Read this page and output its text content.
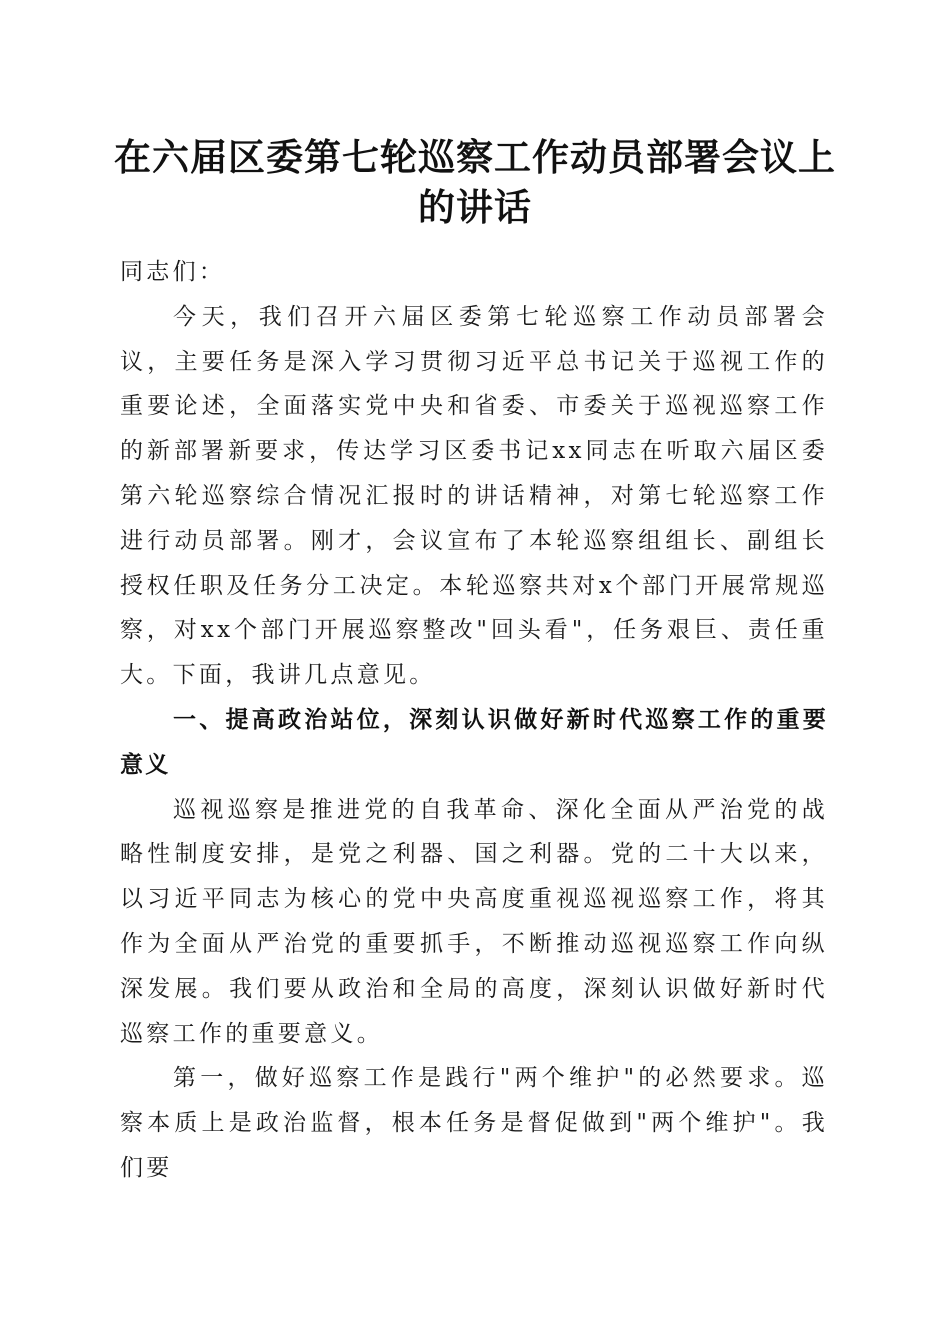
在六届区委第七轮巡察工作动员部署会议上的讲话

同志们：

今天，我们召开六届区委第七轮巡察工作动员部署会议，主要任务是深入学习贯彻习近平总书记关于巡视工作的重要论述，全面落实党中央和省委、市委关于巡视巡察工作的新部署新要求，传达学习区委书记xx同志在听取六届区委第六轮巡察综合情况汇报时的讲话精神，对第七轮巡察工作进行动员部署。刚才，会议宣布了本轮巡察组组长、副组长授权任职及任务分工决定。本轮巡察共对x个部门开展常规巡察，对xx个部门开展巡察整改"回头看"，任务艰巨、责任重大。下面，我讲几点意见。

一、提高政治站位，深刻认识做好新时代巡察工作的重要意义

巡视巡察是推进党的自我革命、深化全面从严治党的战略性制度安排，是党之利器、国之利器。党的二十大以来，以习近平同志为核心的党中央高度重视巡视巡察工作，将其作为全面从严治党的重要抓手，不断推动巡视巡察工作向纵深发展。我们要从政治和全局的高度，深刻认识做好新时代巡察工作的重要意义。

第一，做好巡察工作是践行"两个维护"的必然要求。巡察本质上是政治监督，根本任务是督促做到"两个维护"。我们要
